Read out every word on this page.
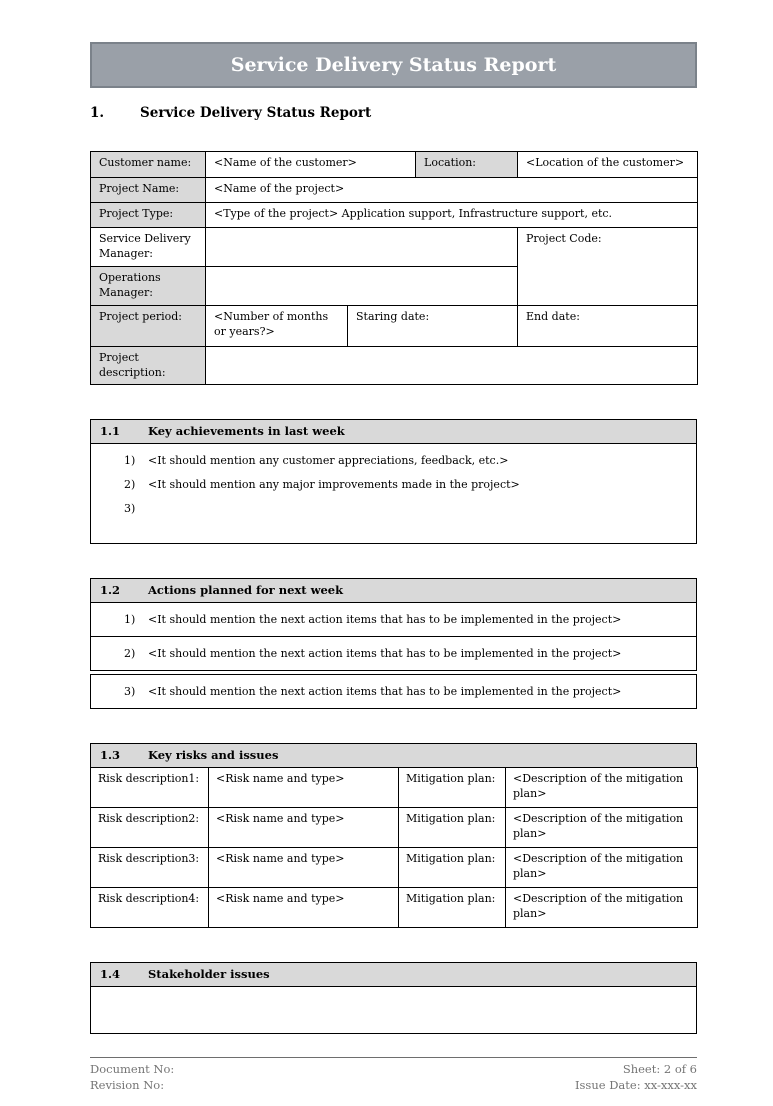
Service Delivery Status Report
1.	Service Delivery Status Report
Customer name:	<Name of the customer>		Location:	<Location of the customer>
Project Name:	<Name of the project>			
Project Type:	<Type of the project> Application support, Infrastructure support, etc.			
Service Delivery Manager:				Project Code:
Operations Manager:				
Project period:	<Number of months or years?>	Staring date:		End date:
Project description:				
1.1	Key achievements in last week
1)	<It should mention any customer appreciations, feedback, etc.>
2)	<It should mention any major improvements made in the project>
3)
1.2	Actions planned for next week
1)	<It should mention the next action items that has to be implemented in the project>
2)	<It should mention the next action items that has to be implemented in the project>
3)	<It should mention the next action items that has to be implemented in the project>
1.3	Key risks and issues
Risk description1:	<Risk name and type>	Mitigation plan:	<Description of the mitigation plan>
Risk description2:	<Risk name and type>	Mitigation plan:	<Description of the mitigation plan>
Risk description3:	<Risk name and type>	Mitigation plan:	<Description of the mitigation plan>
Risk description4:	<Risk name and type>	Mitigation plan:	<Description of the mitigation plan>
1.4	Stakeholder issues
Document No:
Revision No:
Sheet: 2 of 6
Issue Date: xx-xxx-xx
